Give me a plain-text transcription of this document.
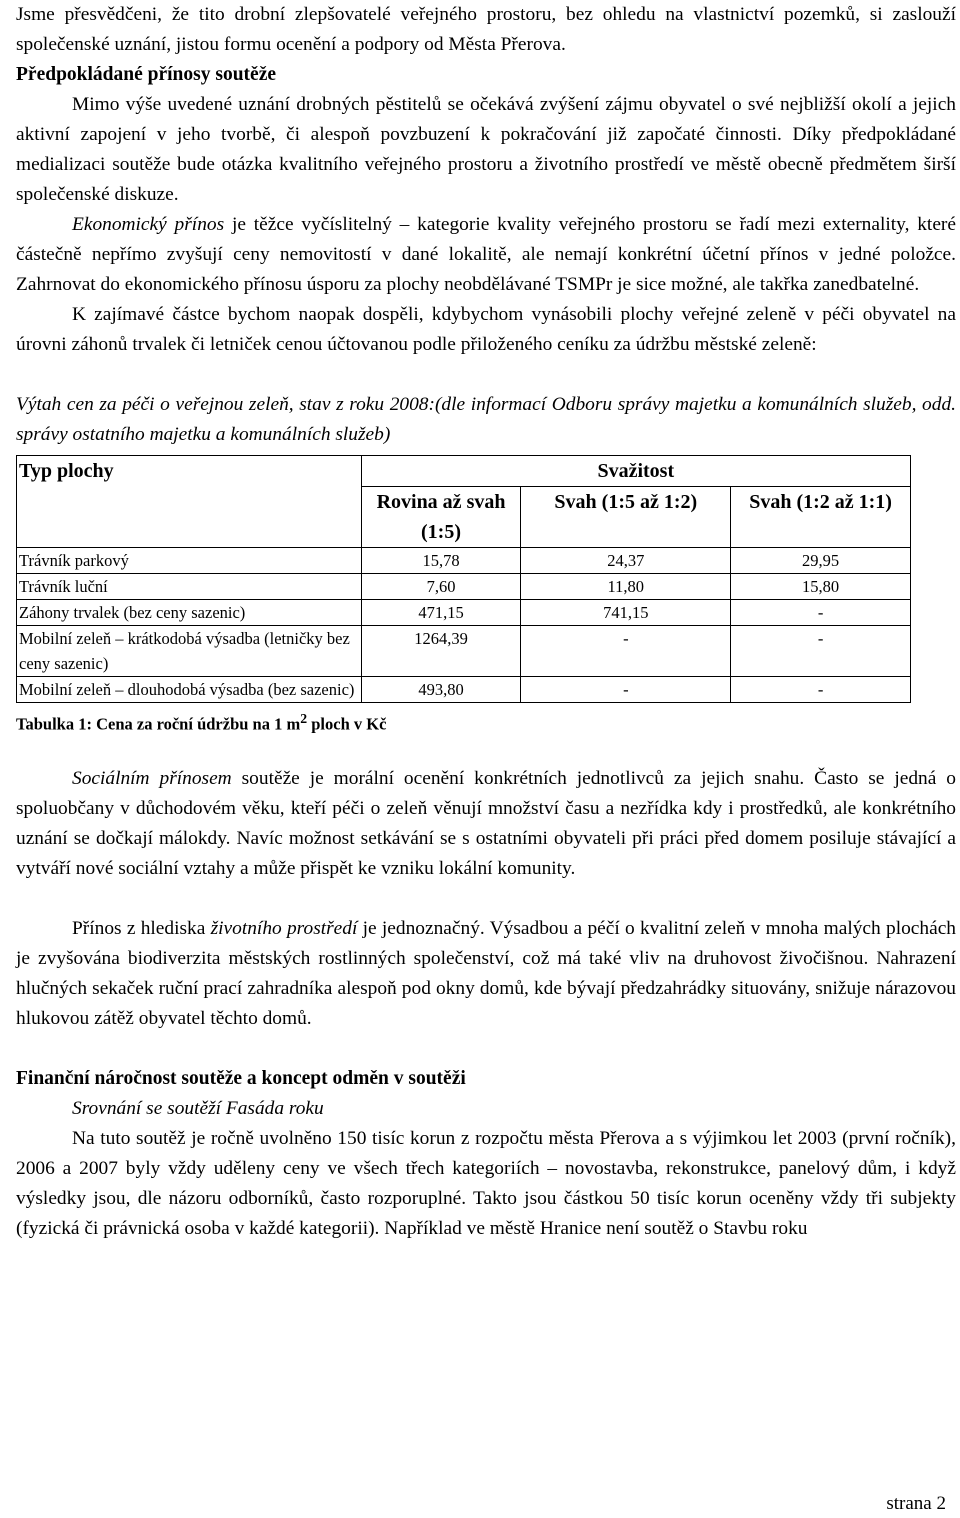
Jsme přesvědčeni, že tito drobní zlepšovatelé veřejného prostoru, bez ohledu na vlastnictví pozemků, si zaslouží společenské uznání, jistou formu ocenění a podpory od Města Přerova.

Předpokládané přínosy soutěže

Mimo výše uvedené uznání drobných pěstitelů se očekává zvýšení zájmu obyvatel o své nejbližší okolí a jejich aktivní zapojení v jeho tvorbě, či alespoň povzbuzení k pokračování již započaté činnosti. Díky předpokládané medializaci soutěže bude otázka kvalitního veřejného prostoru a životního prostředí ve městě obecně předmětem širší společenské diskuze.

Ekonomický přínos je těžce vyčíslitelný – kategorie kvality veřejného prostoru se řadí mezi externality, které částečně nepřímo zvyšují ceny nemovitostí v dané lokalitě, ale nemají konkrétní účetní přínos v jedné položce. Zahrnovat do ekonomického přínosu úsporu za plochy neobdělávané TSMPr je sice možné, ale takřka zanedbatelné.

K zajímavé částce bychom naopak dospěli, kdybychom vynásobili plochy veřejné zeleně v péči obyvatel na úrovni záhonů trvalek či letniček cenou účtovanou podle přiloženého ceníku za údržbu městské zeleně:

Výtah cen za péči o veřejnou zeleň, stav z roku 2008:(dle informací Odboru správy majetku a komunálních služeb, odd. správy ostatního majetku a komunálních služeb)

Typ plochy	Svažitost		
	Rovina až svah (1:5)	Svah (1:5 až 1:2)	Svah (1:2 až 1:1)
Trávník parkový	15,78	24,37	29,95
Trávník luční	7,60	11,80	15,80
Záhony trvalek (bez ceny sazenic)	471,15	741,15	-
Mobilní zeleň – krátkodobá výsadba (letničky bez ceny sazenic)	1264,39	-	-
Mobilní zeleň – dlouhodobá výsadba (bez sazenic)	493,80	-	-
Tabulka 1: Cena za roční údržbu na 1 $m^2$ ploch v Kč

Sociálním přínosem soutěže je morální ocenění konkrétních jednotlivců za jejich snahu. Často se jedná o spoluobčany v důchodovém věku, kteří péči o zeleň věnují množství času a nezřídka kdy i prostředků, ale konkrétního uznání se dočkají málokdy. Navíc možnost setkávání se s ostatními obyvateli při práci před domem posiluje stávající a vytváří nové sociální vztahy a může přispět ke vzniku lokální komunity.

Přínos z hlediska životního prostředí je jednoznačný. Výsadbou a péčí o kvalitní zeleň v mnoha malých plochách je zvyšována biodiverzita městských rostlinných společenství, což má také vliv na druhovost živočišnou. Nahrazení hlučných sekaček ruční prací zahradníka alespoň pod okny domů, kde bývají předzahrádky situovány, snižuje nárazovou hlukovou zátěž obyvatel těchto domů.

Finanční náročnost soutěže a koncept odměn v soutěži

Srovnání se soutěží Fasáda roku

Na tuto soutěž je ročně uvolněno 150 tisíc korun z rozpočtu města Přerova a s výjimkou let 2003 (první ročník), 2006 a 2007 byly vždy uděleny ceny ve všech třech kategoriích – novostavba, rekonstrukce, panelový dům, i když výsledky jsou, dle názoru odborníků, často rozporuplné. Takto jsou částkou 50 tisíc korun oceněny vždy tři subjekty (fyzická či právnická osoba v každé kategorii). Například ve městě Hranice není soutěž o Stavbu roku

strana 2
